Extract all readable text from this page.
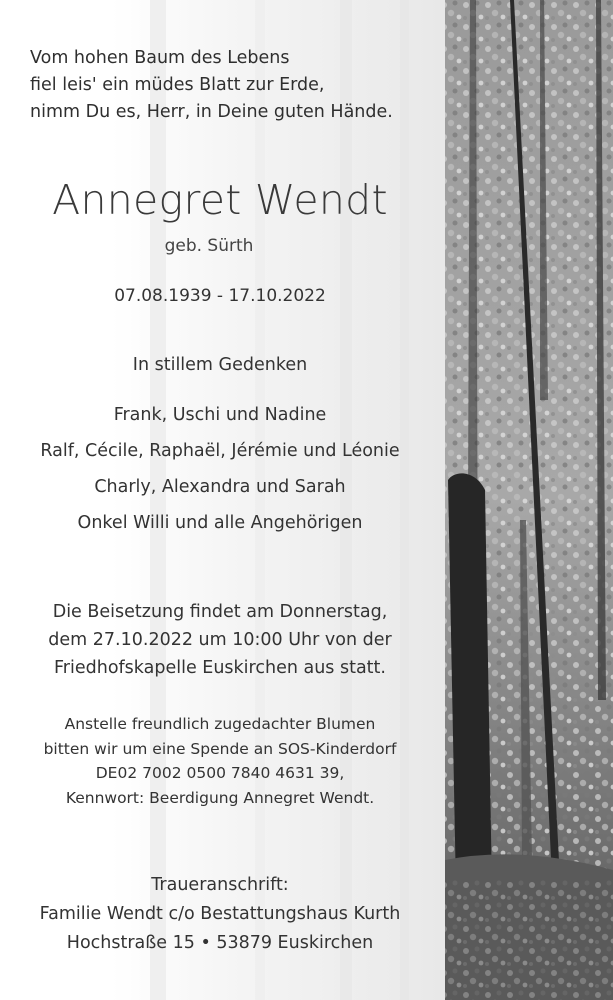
Vom hohen Baum des Lebens
fiel leis' ein müdes Blatt zur Erde,
nimm Du es, Herr, in Deine guten Hände.
Annegret Wendt
geb. Sürth
07.08.1939 - 17.10.2022
In stillem Gedenken
Frank, Uschi und Nadine
Ralf, Cécile, Raphaël, Jérémie und Léonie
Charly, Alexandra und Sarah
Onkel Willi und alle Angehörigen
Die Beisetzung findet am Donnerstag,
dem 27.10.2022 um 10:00 Uhr von der
Friedhofskapelle Euskirchen aus statt.
Anstelle freundlich zugedachter Blumen
bitten wir um eine Spende an SOS-Kinderdorf
DE02 7002 0500 7840 4631 39,
Kennwort: Beerdigung Annegret Wendt.
Traueranschrift:
Familie Wendt c/o Bestattungshaus Kurth
Hochstraße 15 • 53879 Euskirchen
